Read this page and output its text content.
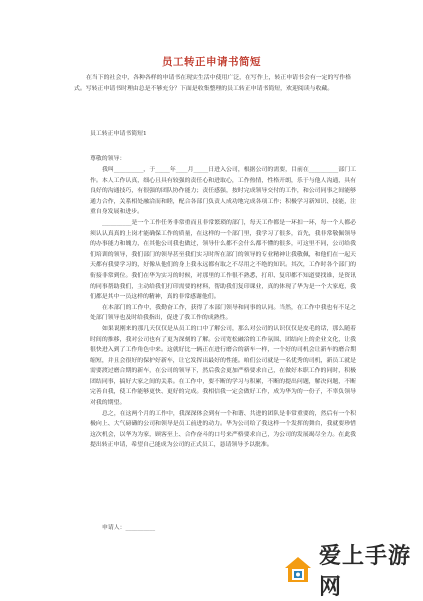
员工转正申请书简短
在当下的社会中，各种各样的申请书在现实生活中使用广泛，在写作上，转正申请书会有一定的写作格式。写转正申请书时理由总是不够充分？下面是收集整理的员工转正申请书简短，欢迎阅读与收藏。
员工转正申请书简短1
尊敬的领导：

我叫__________，于_____年____月_____日进入公司，根据公司的需要，目前在__________部门工作。本人工作认真，细心且具有较强的责任心和进取心，工作热情，性格开朗，乐于与他人沟通，具有良好的沟通技巧，有很强的团队协作能力；责任感强，按时完成领导交付的工作，和公司同事之间能够通力合作，关系相处融洽而和睦，配合各部门负责人成功地完成各项工作；积极学习新知识、技能，注重自身发展和进步。

__________是一个工作任务非常重而且非常繁琐的部门，每天工作都是一环扣一环，每一个人都必须认认真真的上岗才能确保工作的质量，在这样的一个部门里，我学习了很多，首先，我非常敬佩领导的办事能力和魄力，在其他公司我也做过，领导什么都不会什么都不懂的很多，可这里不同，公司给我们培训的领导，我们部门的领导甚至我们实习时所在部门的领导的专业精神让我敬佩，和他们在一起天天都有我要学习的，好像从他们的身上我永远都有取之不尽用之不绝的知识。其次，工作时各个部门的衔接非常到位。我们在华为实习的时候，对那里的工作很不熟悉，打印、复印都不知道要找谁，是资讯的同事帮助我们，主动给我们打印需要的材料，帮助我们复印课业，真的体现了华为是一个大家庭，我们都是其中一员这样的精神，真的非常感谢他们。

在本部门的工作中，我勤奋工作，获得了本部门领导和同事的认同。当然，在工作中我也有不足之处部门领导也及时给我指出，促进了我工作的成熟性。

如果说刚来的那几天仅仅是从员工的口中了解公司，那么对公司的认识仅仅是皮毛的话，那么随着时间的推移，我对公司也有了更为深刻的了解。公司宽松融洽的工作氛围、团结向上的企业文化，让我很快进入到了工作角色中来。这就好比一辆正在进行磨合的新车一样，一个好的司机会让新车的磨合期缩短，并且会很好的保护好新车，让它发挥出最好的性能。咱们公司就是一名优秀的司机，新员工就是需要渡过磨合期的新车，在公司的领导下，然后我会更加严格要求自己，在做好本职工作的同时，积极团结同事，搞好大家之间的关系。在工作中，要不断的学习与积累，不断的提出问题，解决问题，不断完善自我，使工作能够更快、更好的完成。我相信我一定会做好工作，成为华为的一份子，不辜负领导对我的期望。

总之，在这两个月的工作中，我深深体会到有一个和谐、共进的团队是非常重要的，然后有一个积极向上、大气磅礴的公司和领导是员工前进的动力。华为公司给了我这样一个发挥的舞台，我就要珍惜这次机会，以华为为家，顾客至上、合作奋斗的口号来严格要求自己，为公司的发展竭尽全力。在此我提出转正申请，希望自己能成为公司的正式员工，恳请领导予以批准。

申请人：__________
爱上手游网
